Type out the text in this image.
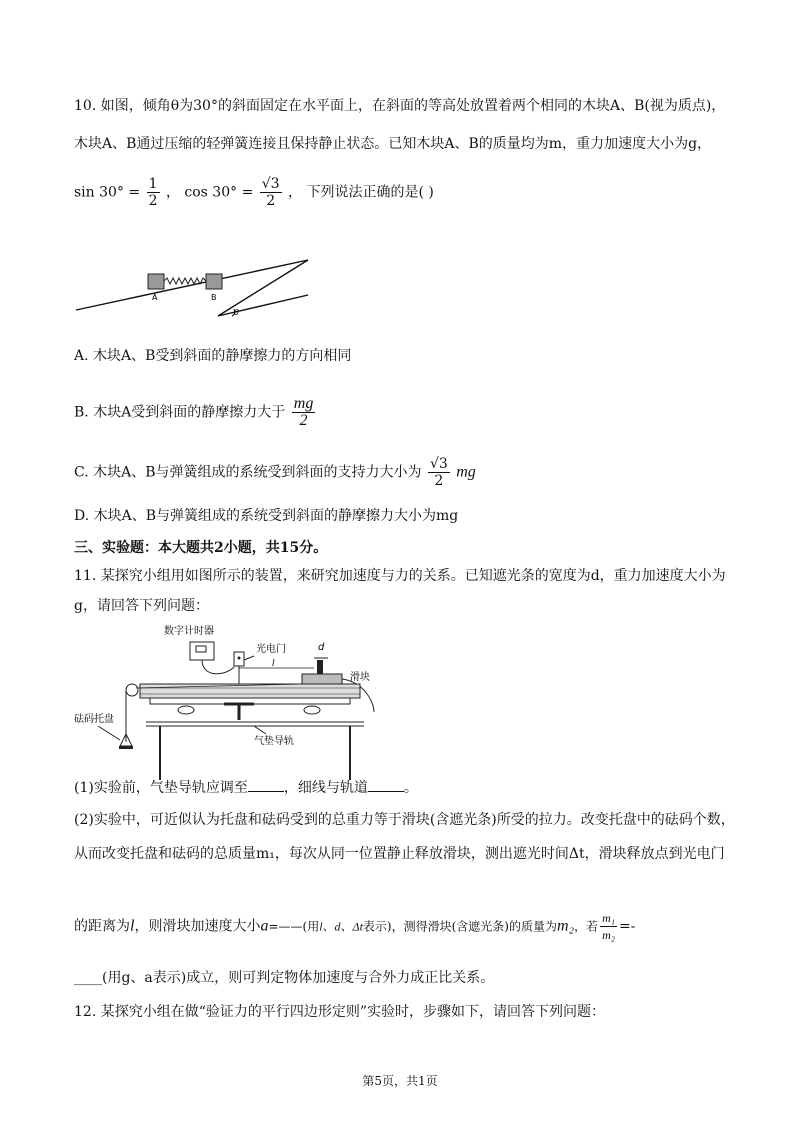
10. 如图，倾角θ为30°的斜面固定在水平面上，在斜面的等高处放置着两个相同的木块A、B(视为质点)，
木块A、B通过压缩的轻弹簧连接且保持静止状态。已知木块A、B的质量均为m，重力加速度大小为g，
$\sin 30^\circ = \frac{1}{2}$ ， $\cos 30^\circ = \frac{√3}{2}$ ， 下列说法正确的是( )
A	B
θ
A. 木块A、B受到斜面的静摩擦力的方向相同
B. 木块A受到斜面的静摩擦力大于 $\frac{mg}{2}$
C. 木块A、B与弹簧组成的系统受到斜面的支持力大小为 $\frac{√3}{2}$ mg
D. 木块A、B与弹簧组成的系统受到斜面的静摩擦力大小为mg
三、实验题：本大题共2小题，共15分。
11. 某探究小组用如图所示的装置，来研究加速度与力的关系。已知遮光条的宽度为d，重力加速度大小为
g，请回答下列问题：
数字计时器
光电门	d
l
滑块
砝码托盘
气垫导轨
(1)实验前，气垫导轨应调至	，细线与轨道	。
(2)实验中，可近似认为托盘和砝码受到的总重力等于滑块(含遮光条)所受的拉力。改变托盘中的砝码个数，
从而改变托盘和砝码的总质量m₁，每次从同一位置静止释放滑块，测出遮光时间Δt，滑块释放点到光电门
的距离为l，则滑块加速度大小a=——(用l、d、Δt表示)，测得滑块(含遮光条)的质量为m₂，若 $\frac{\text{m₁}}{\text{m₂}}$ =-
____(用g、a表示)成立，则可判定物体加速度与合外力成正比关系。
12. 某探究小组在做“验证力的平行四边形定则”实验时，步骤如下，请回答下列问题：
第5页，共1页
